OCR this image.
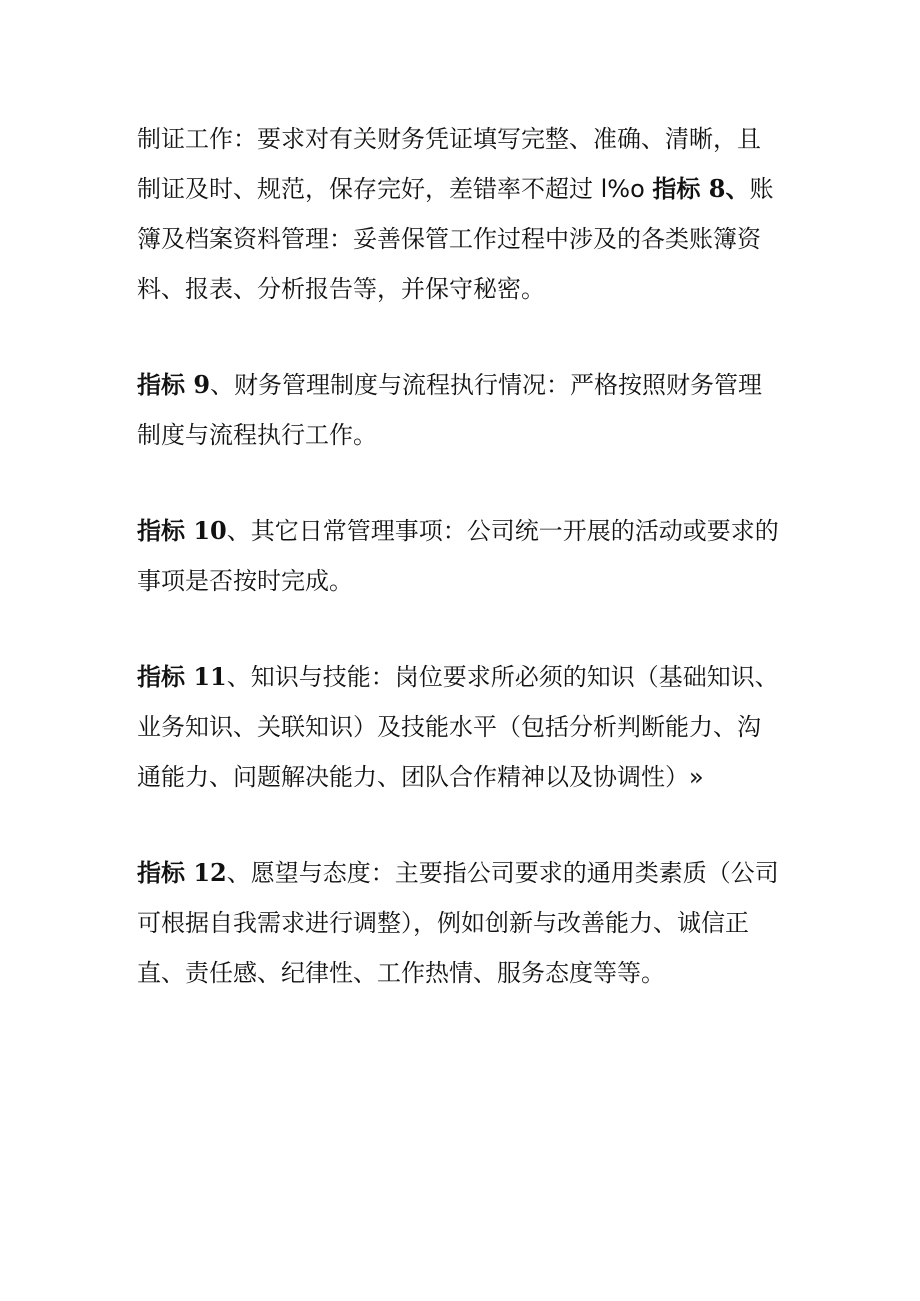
制证工作：要求对有关财务凭证填写完整、准确、清晰，且
制证及时、规范，保存完好，差错率不超过 l%o 指标 8、账
簿及档案资料管理：妥善保管工作过程中涉及的各类账簿资
料、报表、分析报告等，并保守秘密。

指标 9、财务管理制度与流程执行情况：严格按照财务管理
制度与流程执行工作。

指标 10、其它日常管理事项：公司统一开展的活动或要求的
事项是否按时完成。

指标 11、知识与技能：岗位要求所必须的知识（基础知识、
业务知识、关联知识）及技能水平（包括分析判断能力、沟
通能力、问题解决能力、团队合作精神以及协调性）»

指标 12、愿望与态度：主要指公司要求的通用类素质（公司
可根据自我需求进行调整），例如创新与改善能力、诚信正
直、责任感、纪律性、工作热情、服务态度等等。
